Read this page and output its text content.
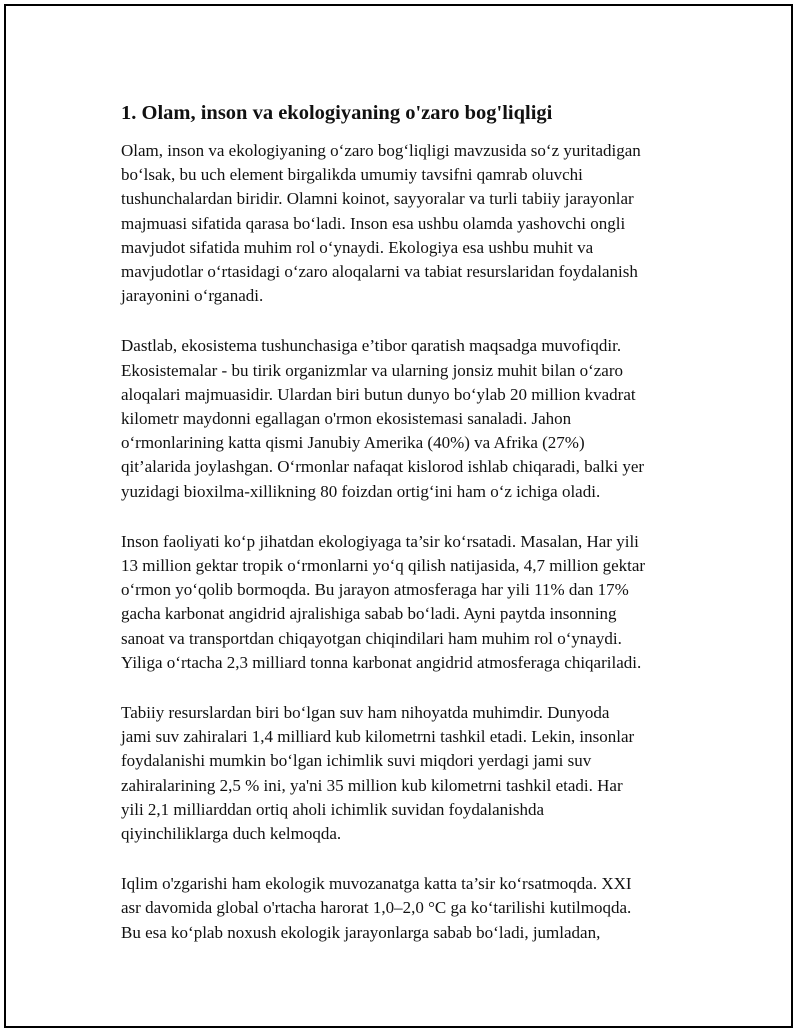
1. Olam, inson va ekologiyaning o'zaro bog'liqligi

Olam, inson va ekologiyaning o‘zaro bog‘liqligi mavzusida so‘z yuritadigan
bo‘lsak, bu uch element birgalikda umumiy tavsifni qamrab oluvchi
tushunchalardan biridir. Olamni koinot, sayyoralar va turli tabiiy jarayonlar
majmuasi sifatida qarasa bo‘ladi. Inson esa ushbu olamda yashovchi ongli
mavjudot sifatida muhim rol o‘ynaydi. Ekologiya esa ushbu muhit va
mavjudotlar o‘rtasidagi o‘zaro aloqalarni va tabiat resurslaridan foydalanish
jarayonini o‘rganadi.

Dastlab, ekosistema tushunchasiga e’tibor qaratish maqsadga muvofiqdir.
Ekosistemalar - bu tirik organizmlar va ularning jonsiz muhit bilan o‘zaro
aloqalari majmuasidir. Ulardan biri butun dunyo bo‘ylab 20 million kvadrat
kilometr maydonni egallagan o'rmon ekosistemasi sanaladi. Jahon
o‘rmonlarining katta qismi Janubiy Amerika (40%) va Afrika (27%)
qit’alarida joylashgan. O‘rmonlar nafaqat kislorod ishlab chiqaradi, balki yer
yuzidagi bioxilma-xillikning 80 foizdan ortig‘ini ham o‘z ichiga oladi.

Inson faoliyati ko‘p jihatdan ekologiyaga ta’sir ko‘rsatadi. Masalan, Har yili
13 million gektar tropik o‘rmonlarni yo‘q qilish natijasida, 4,7 million gektar
o‘rmon yo‘qolib bormoqda. Bu jarayon atmosferaga har yili 11% dan 17%
gacha karbonat angidrid ajralishiga sabab bo‘ladi. Ayni paytda insonning
sanoat va transportdan chiqayotgan chiqindilari ham muhim rol o‘ynaydi.
Yiliga o‘rtacha 2,3 milliard tonna karbonat angidrid atmosferaga chiqariladi.

Tabiiy resurslardan biri bo‘lgan suv ham nihoyatda muhimdir. Dunyoda
jami suv zahiralari 1,4 milliard kub kilometrni tashkil etadi. Lekin, insonlar
foydalanishi mumkin bo‘lgan ichimlik suvi miqdori yerdagi jami suv
zahiralarining 2,5 % ini, ya'ni 35 million kub kilometrni tashkil etadi. Har
yili 2,1 milliarddan ortiq aholi ichimlik suvidan foydalanishda
qiyinchiliklarga duch kelmoqda.

Iqlim o'zgarishi ham ekologik muvozanatga katta ta’sir ko‘rsatmoqda. XXI
asr davomida global o'rtacha harorat 1,0–2,0 °C ga ko‘tarilishi kutilmoqda.
Bu esa ko‘plab noxush ekologik jarayonlarga sabab bo‘ladi, jumladan,
